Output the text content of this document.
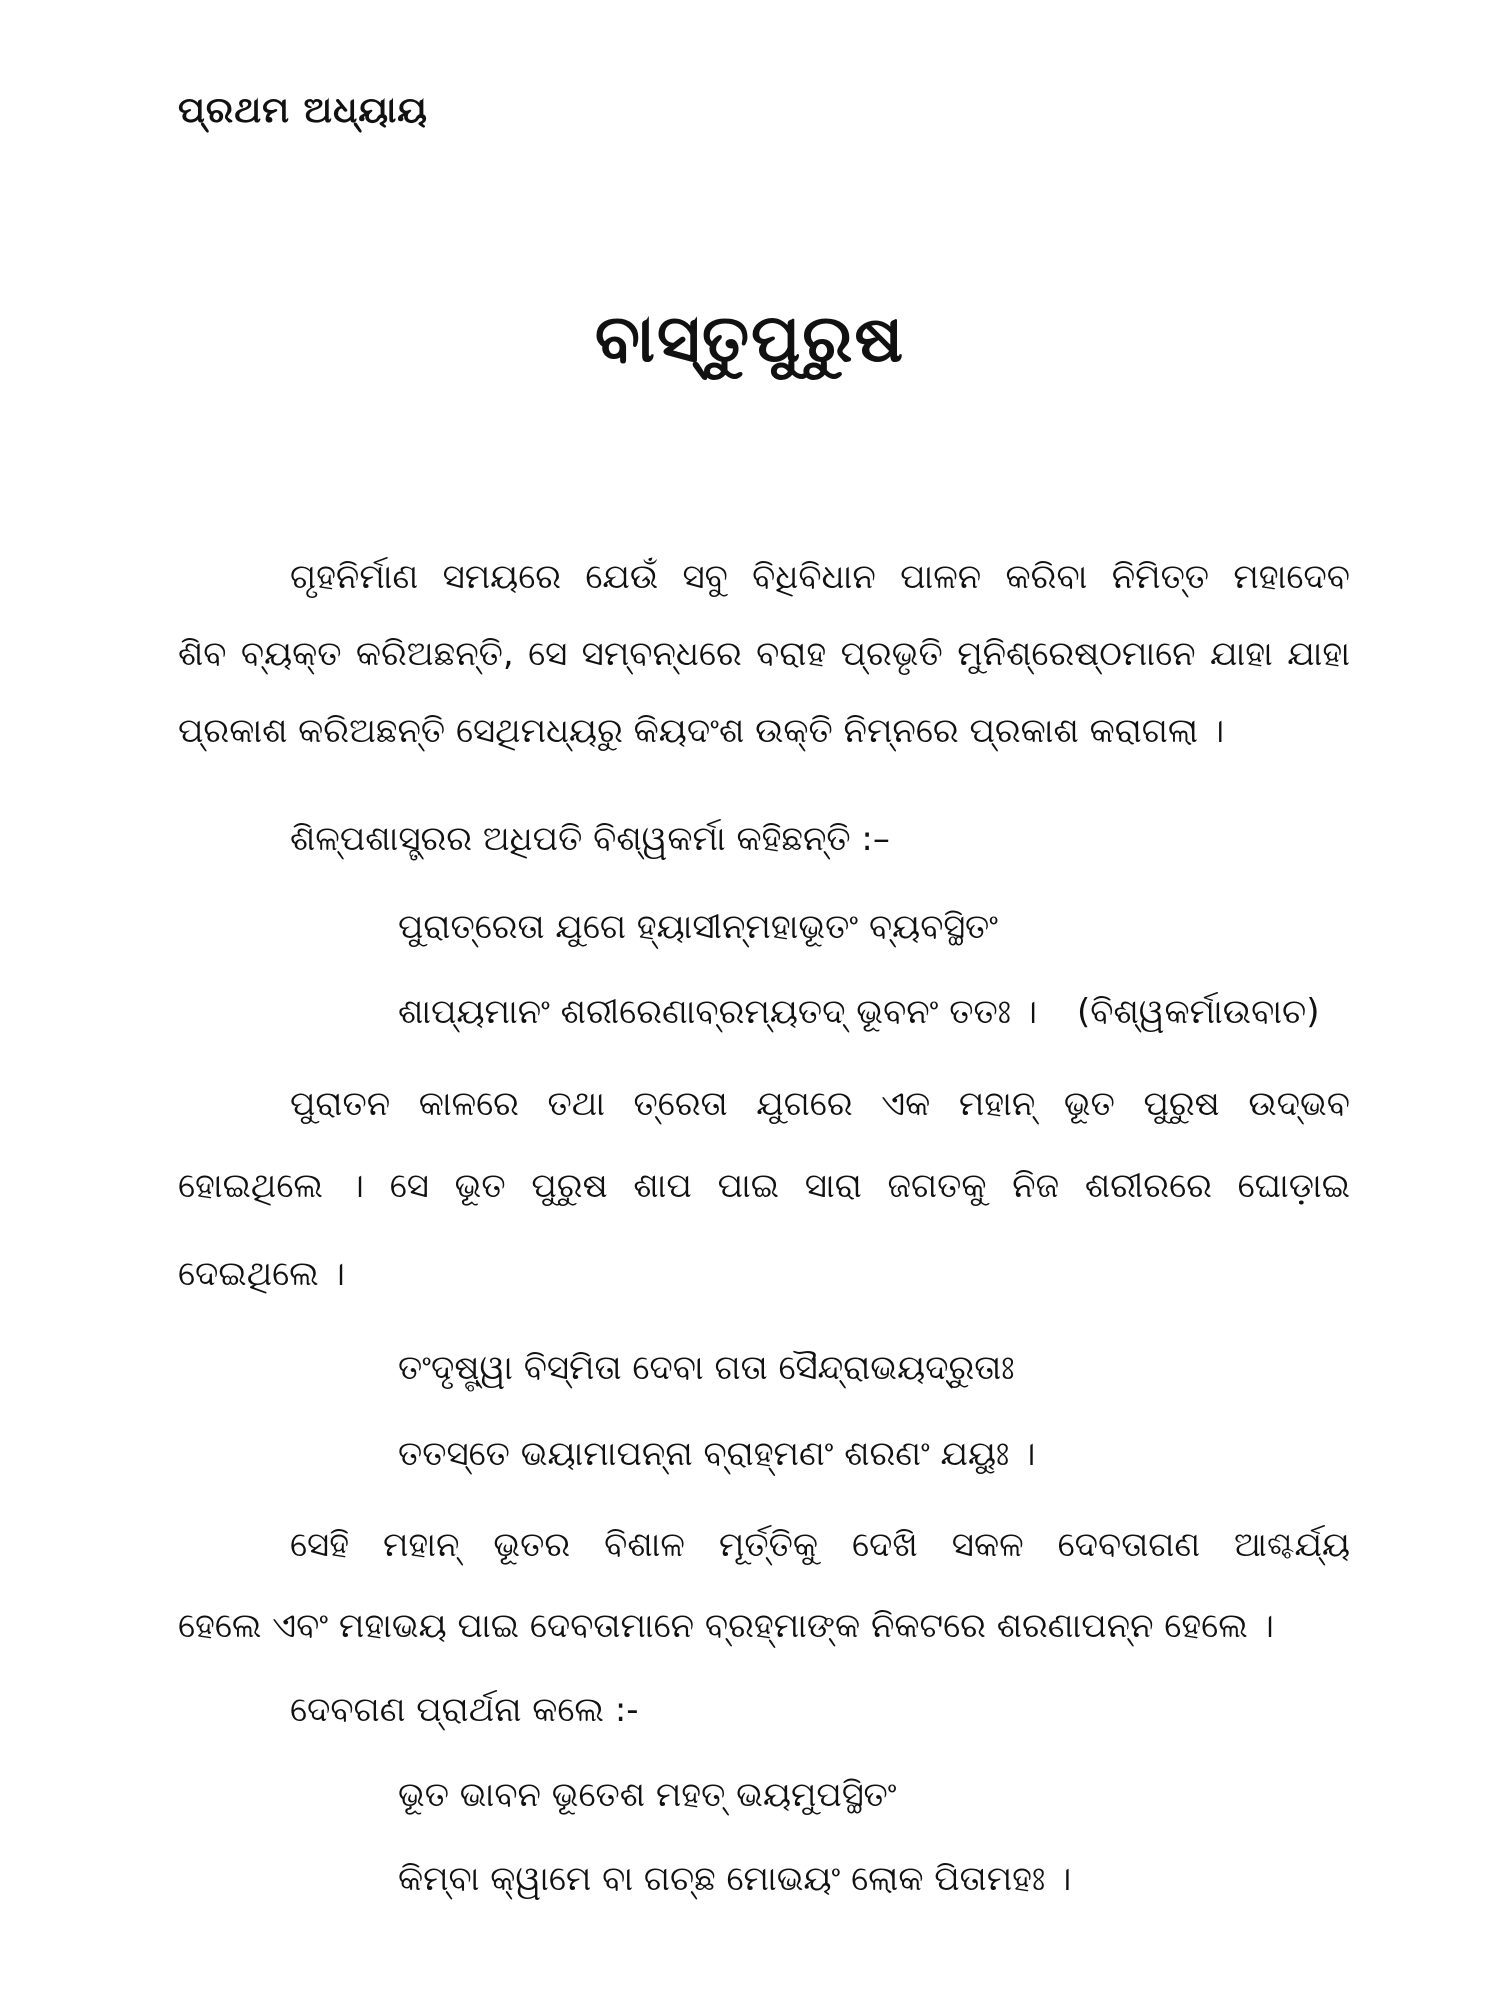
ପ୍ରଥମ ଅଧ୍ୟାୟ
ବାସ୍ତୁପୁରୁଷ
ଗୃହନିର୍ମାଣ ସମୟରେ ଯେଉଁ ସବୁ ବିଧିବିଧାନ ପାଳନ କରିବା ନିମିତ୍ତ ମହାଦେବ
ଶିବ ବ୍ୟକ୍ତ କରିଅଛନ୍ତି, ସେ ସମ୍ବନ୍ଧରେ ବରାହ ପ୍ରଭୃତି ମୁନିଶ୍ରେଷ୍ଠମାନେ ଯାହା ଯାହା
ପ୍ରକାଶ କରିଅଛନ୍ତି ସେଥିମଧ୍ୟରୁ କିୟଦଂଶ ଉକ୍ତି ନିମ୍ନରେ ପ୍ରକାଶ କରାଗଲା ।
ଶିଳ୍ପଶାସ୍ତ୍ରର ଅଧିପତି ବିଶ୍ୱକର୍ମା କହିଛନ୍ତି :–
ପୁରାତ୍ରେତା ଯୁଗେ ହ୍ୟାସୀନ୍ମହାଭୂତଂ ବ୍ୟବସ୍ଥିତଂ
ଶାପ୍ୟମାନଂ ଶରୀରେଣାବ୍ରମ୍ୟତଦ୍ ଭୂବନଂ ତତଃ । (ବିଶ୍ୱକର୍ମାଉବାଚ)
ପୁରାତନ କାଳରେ ତଥା ତ୍ରେତା ଯୁଗରେ ଏକ ମହାନ୍ ଭୂତ ପୁରୁଷ ଉଦ୍ଭବ
ହୋଇଥିଲେ । ସେ ଭୂତ ପୁରୁଷ ଶାପ ପାଇ ସାରା ଜଗତକୁ ନିଜ ଶରୀରରେ ଘୋଡ଼ାଇ
ଦେଇଥିଲେ ।
ତଂଦୃଷ୍ଟ୍ୱା ବିସ୍ମିତା ଦେବା ଗତା ସୈନ୍ଦ୍ରାଭୟଦ୍ରୁତାଃ
ତତସ୍ତେ ଭୟାମାପନ୍ନା ବ୍ରାହ୍ମଣଂ ଶରଣଂ ଯୟୁଃ ।
ସେହି ମହାନ୍ ଭୂତର ବିଶାଳ ମୂର୍ତ୍ତିକୁ ଦେଖି ସକଳ ଦେବତାଗଣ ଆଶ୍ଚର୍ଯ୍ୟ
ହେଲେ ଏବଂ ମହାଭୟ ପାଇ ଦେବତାମାନେ ବ୍ରହ୍ମାଙ୍କ ନିକଟରେ ଶରଣାପନ୍ନ ହେଲେ ।
ଦେବଗଣ ପ୍ରାର୍ଥନା କଲେ :-
ଭୂତ ଭାବନ ଭୂତେଶ ମହତ୍ ଭୟମୁପସ୍ଥିତଂ
କିମ୍ବା କ୍ୱାମେ ବା ଗଚ୍ଛ ମୋଭୟଂ ଲୋକ ପିତାମହଃ ।
